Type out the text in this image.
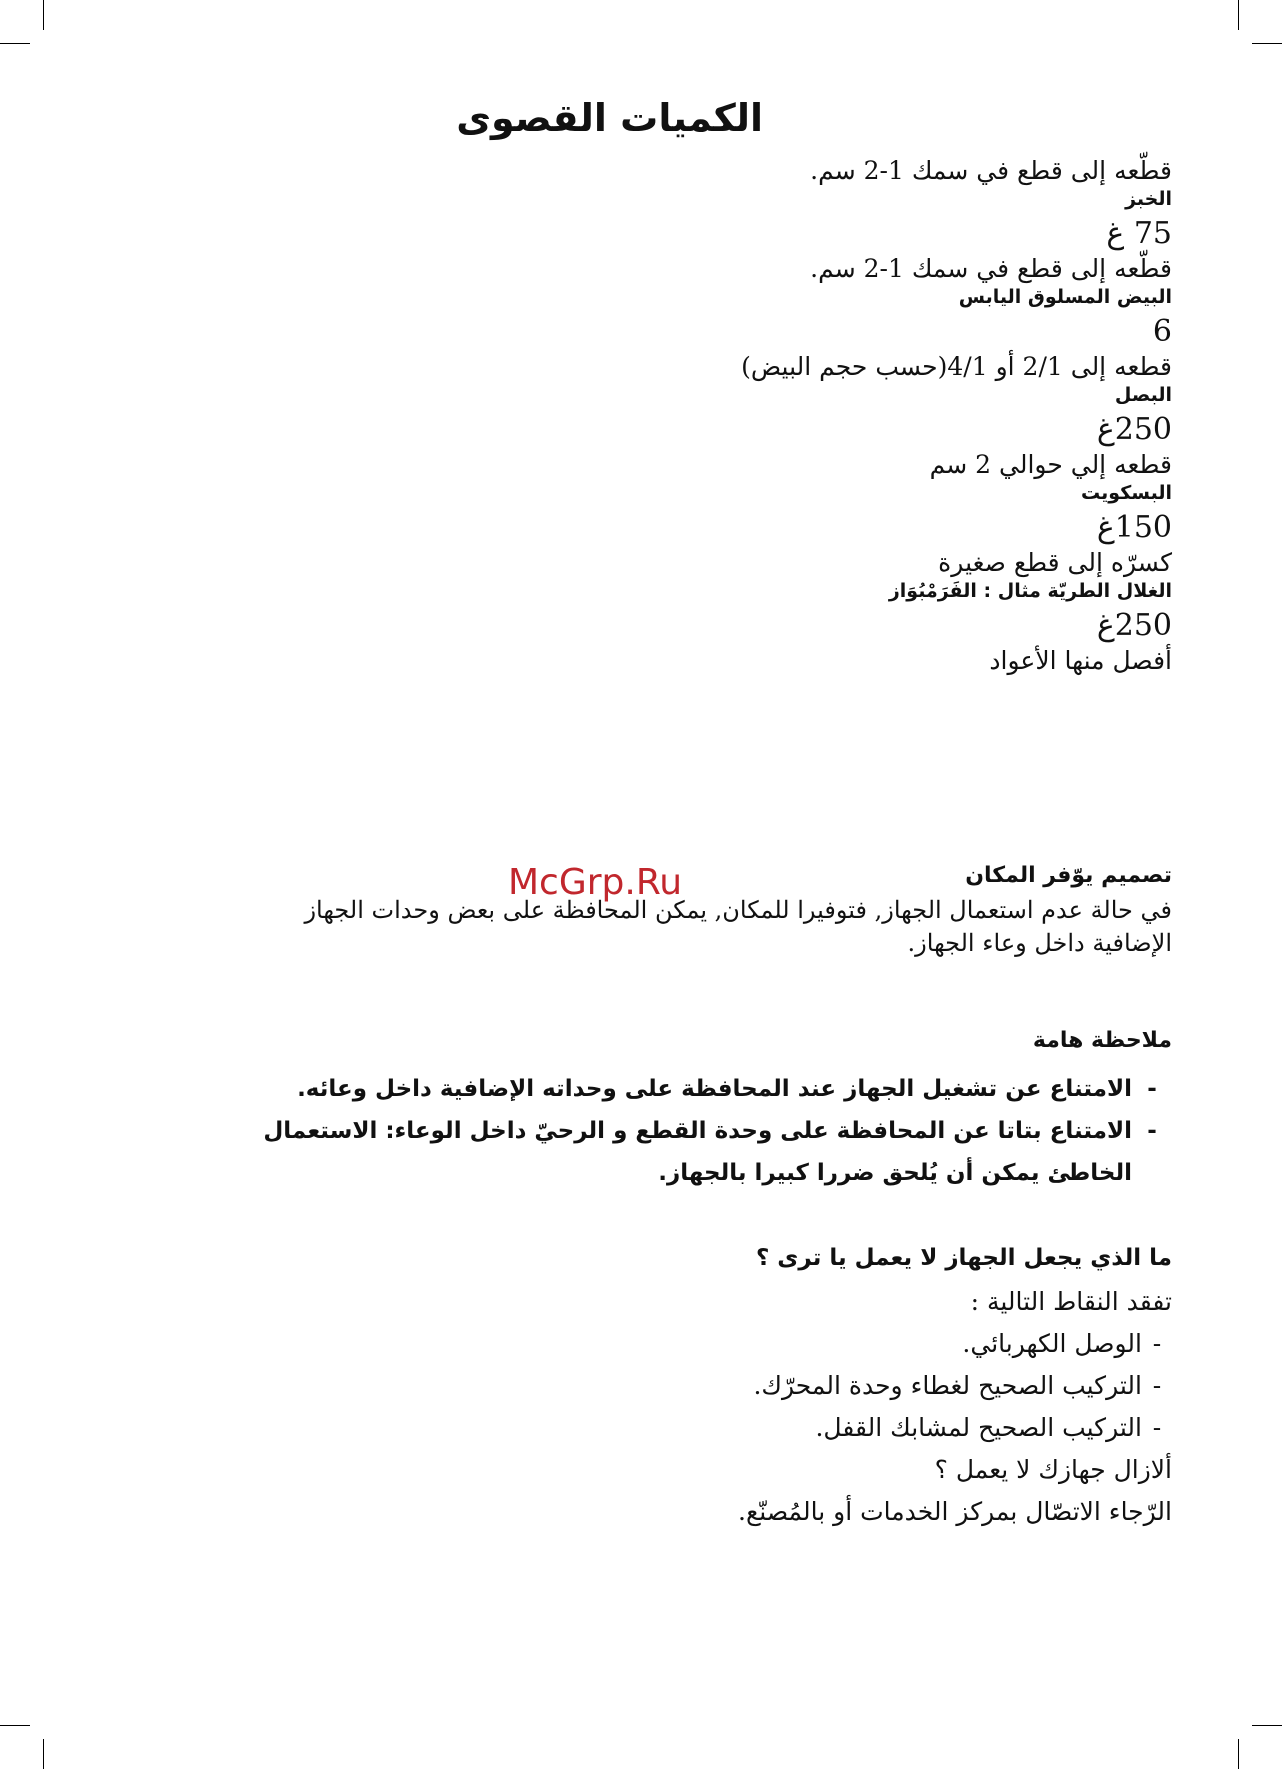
الكميات القصوى
قطّعه إلى قطع في سمك 1-2 سم.
الخبز
75 غ
قطّعه إلى قطع في سمك 1-2 سم.
البيض المسلوق اليابس
6
قطعه إلى 2/1 أو 4/1(حسب حجم البيض)
البصل
250غ
قطعه إلي حوالي 2 سم
البسكويت
150غ
كسرّه إلى قطع صغيرة
الغلال الطريّة مثال : الفَرَمْبُوَاز
250غ
أفصل منها الأعواد
تصميم يوّفر المكان
في حالة عدم استعمال الجهاز, فتوفيرا للمكان, يمكن المحافظة على بعض وحدات الجهاز
الإضافية داخل وعاء الجهاز.
ملاحظة هامة
-
الامتناع عن تشغيل الجهاز عند المحافظة على وحداته الإضافية داخل وعائه.
-
الامتناع بتاتا عن المحافظة على وحدة القطع و الرحيّ داخل الوعاء: الاستعمال
الخاطئ يمكن أن يُلحق ضررا كبيرا بالجهاز.
ما الذي يجعل الجهاز لا يعمل يا ترى ؟
تفقد النقاط التالية :
-
الوصل الكهربائي.
-
التركيب الصحيح لغطاء وحدة المحرّك.
-
التركيب الصحيح لمشابك القفل.
ألازال جهازك لا يعمل ؟
الرّجاء الاتصّال بمركز الخدمات أو بالمُصنّع.
McGrp.Ru
